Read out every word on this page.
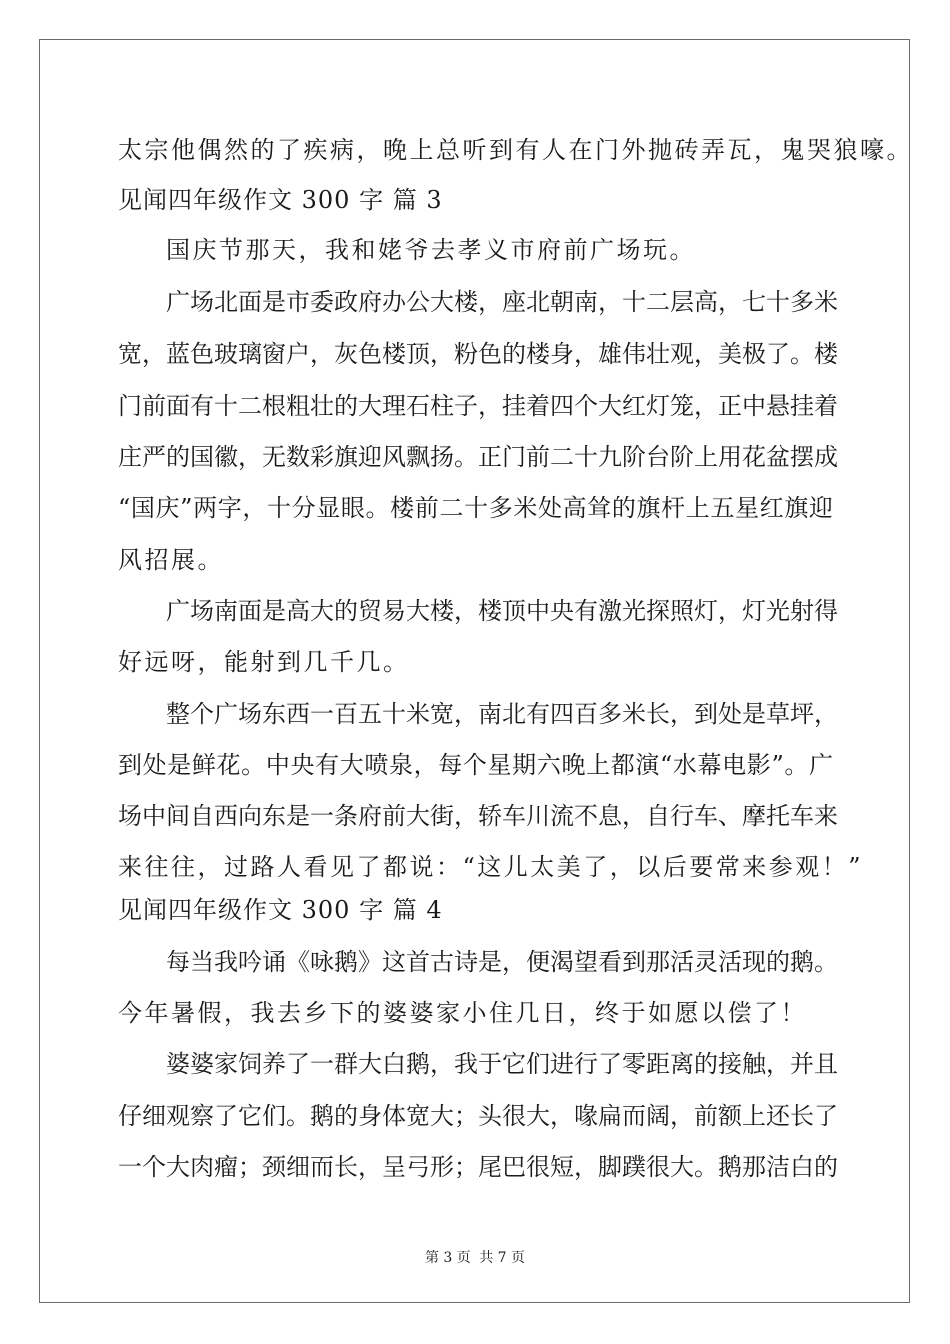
太宗他偶然的了疾病，晚上总听到有人在门外抛砖弄瓦，鬼哭狼嚎。
见闻四年级作文 300 字 篇 3
国庆节那天，我和姥爷去孝义市府前广场玩。
广场北面是市委政府办公大楼，座北朝南，十二层高，七十多米
宽，蓝色玻璃窗户，灰色楼顶，粉色的楼身，雄伟壮观，美极了。楼
门前面有十二根粗壮的大理石柱子，挂着四个大红灯笼，正中悬挂着
庄严的国徽，无数彩旗迎风飘扬。正门前二十九阶台阶上用花盆摆成
“国庆”两字，十分显眼。楼前二十多米处高耸的旗杆上五星红旗迎
风招展。
广场南面是高大的贸易大楼，楼顶中央有激光探照灯，灯光射得
好远呀，能射到几千几。
整个广场东西一百五十米宽，南北有四百多米长，到处是草坪，
到处是鲜花。中央有大喷泉，每个星期六晚上都演“水幕电影”。广
场中间自西向东是一条府前大街，轿车川流不息，自行车、摩托车来
来往往，过路人看见了都说：“这儿太美了，以后要常来参观！”
见闻四年级作文 300 字 篇 4
每当我吟诵《咏鹅》这首古诗是，便渴望看到那活灵活现的鹅。
今年暑假，我去乡下的婆婆家小住几日，终于如愿以偿了！
婆婆家饲养了一群大白鹅，我于它们进行了零距离的接触，并且
仔细观察了它们。鹅的身体宽大；头很大，喙扁而阔，前额上还长了
一个大肉瘤；颈细而长，呈弓形；尾巴很短，脚蹼很大。鹅那洁白的
第 3 页 共 7 页
